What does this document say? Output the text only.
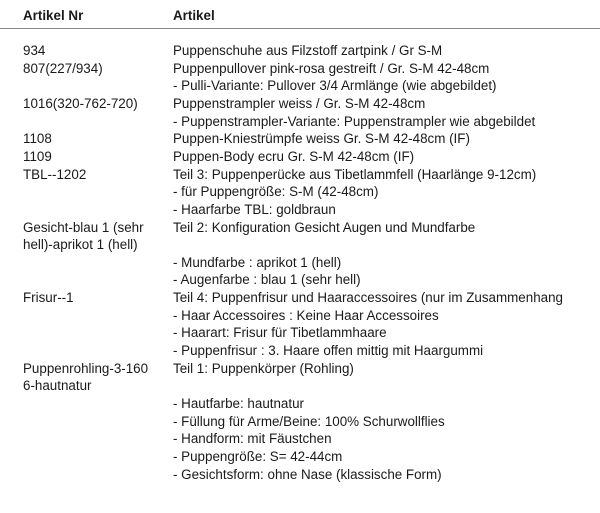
Artikel Nr	Artikel
934	Puppenschuhe aus Filzstoff zartpink / Gr S-M
807(227/934)	Puppenpullover pink-rosa gestreift / Gr. S-M 42-48cm
- Pulli-Variante: Pullover 3/4 Armlänge (wie abgebildet)
1016(320-762-720)	Puppenstrampler weiss / Gr. S-M 42-48cm
- Puppenstrampler-Variante: Puppenstrampler wie abgebildet
1108	Puppen-Kniestrümpfe weiss Gr. S-M 42-48cm (IF)
1109	Puppen-Body ecru Gr. S-M 42-48cm (IF)
TBL--1202	Teil 3: Puppenperücke aus Tibetlammfell (Haarlänge 9-12cm)
- für Puppengröße: S-M (42-48cm)
- Haarfarbe TBL: goldbraun
Gesicht-blau 1 (sehr	Teil 2: Konfiguration Gesicht Augen und Mundfarbe
hell)-aprikot 1 (hell)
- Mundfarbe : aprikot 1 (hell)
- Augenfarbe : blau 1 (sehr hell)
Frisur--1	Teil 4: Puppenfrisur und Haaraccessoires (nur im Zusammenhang
- Haar Accessoires : Keine Haar Accessoires
- Haarart: Frisur für Tibetlammhaare
- Puppenfrisur : 3. Haare offen mittig mit Haargummi
Puppenrohling-3-160	Teil 1: Puppenkörper (Rohling)
6-hautnatur
- Hautfarbe: hautnatur
- Füllung für Arme/Beine: 100% Schurwollflies
- Handform: mit Fäustchen
- Puppengröße: S= 42-44cm
- Gesichtsform: ohne Nase (klassische Form)
